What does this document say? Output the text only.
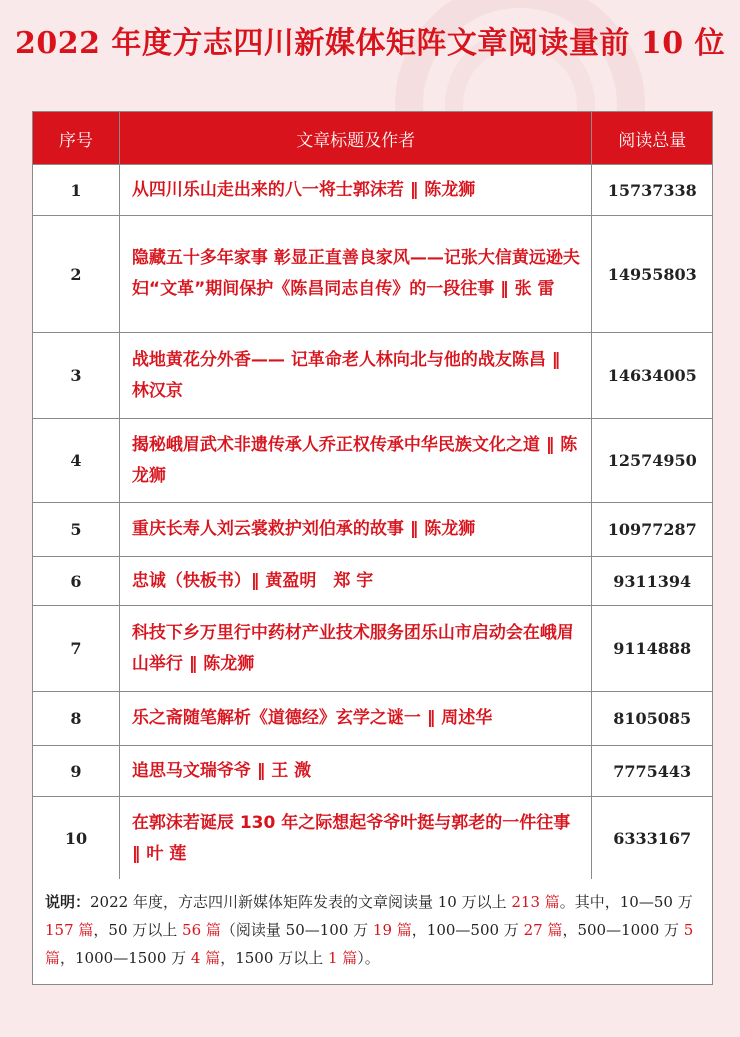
2022 年度方志四川新媒体矩阵文章阅读量前 10 位
序号	文章标题及作者	阅读总量
1	从四川乐山走出来的八一将士郭沫若 ‖ 陈龙狮	15737338
2	隐藏五十多年家事 彰显正直善良家风——记张大信黄远逊夫妇“文革”期间保护《陈昌同志自传》的一段往事 ‖ 张 雷	14955803
3	战地黄花分外香—— 记革命老人林向北与他的战友陈昌 ‖ 林汉京	14634005
4	揭秘峨眉武术非遗传承人乔正权传承中华民族文化之道 ‖ 陈龙狮	12574950
5	重庆长寿人刘云裳救护刘伯承的故事 ‖ 陈龙狮	10977287
6	忠诚（快板书）‖ 黄盈明　郑 宇	9311394
7	科技下乡万里行中药材产业技术服务团乐山市启动会在峨眉山举行 ‖ 陈龙狮	9114888
8	乐之斋随笔解析《道德经》玄学之谜一 ‖ 周述华	8105085
9	追思马文瑞爷爷 ‖ 王 溦	7775443
10	在郭沫若诞辰 130 年之际想起爷爷叶挺与郭老的一件往事 ‖ 叶 莲	6333167
说明：2022 年度，方志四川新媒体矩阵发表的文章阅读量 10 万以上 213 篇。其中，10—50 万 157 篇，50 万以上 56 篇（阅读量 50—100 万 19 篇，100—500 万 27 篇，500—1000 万 5 篇，1000—1500 万 4 篇，1500 万以上 1 篇）。
